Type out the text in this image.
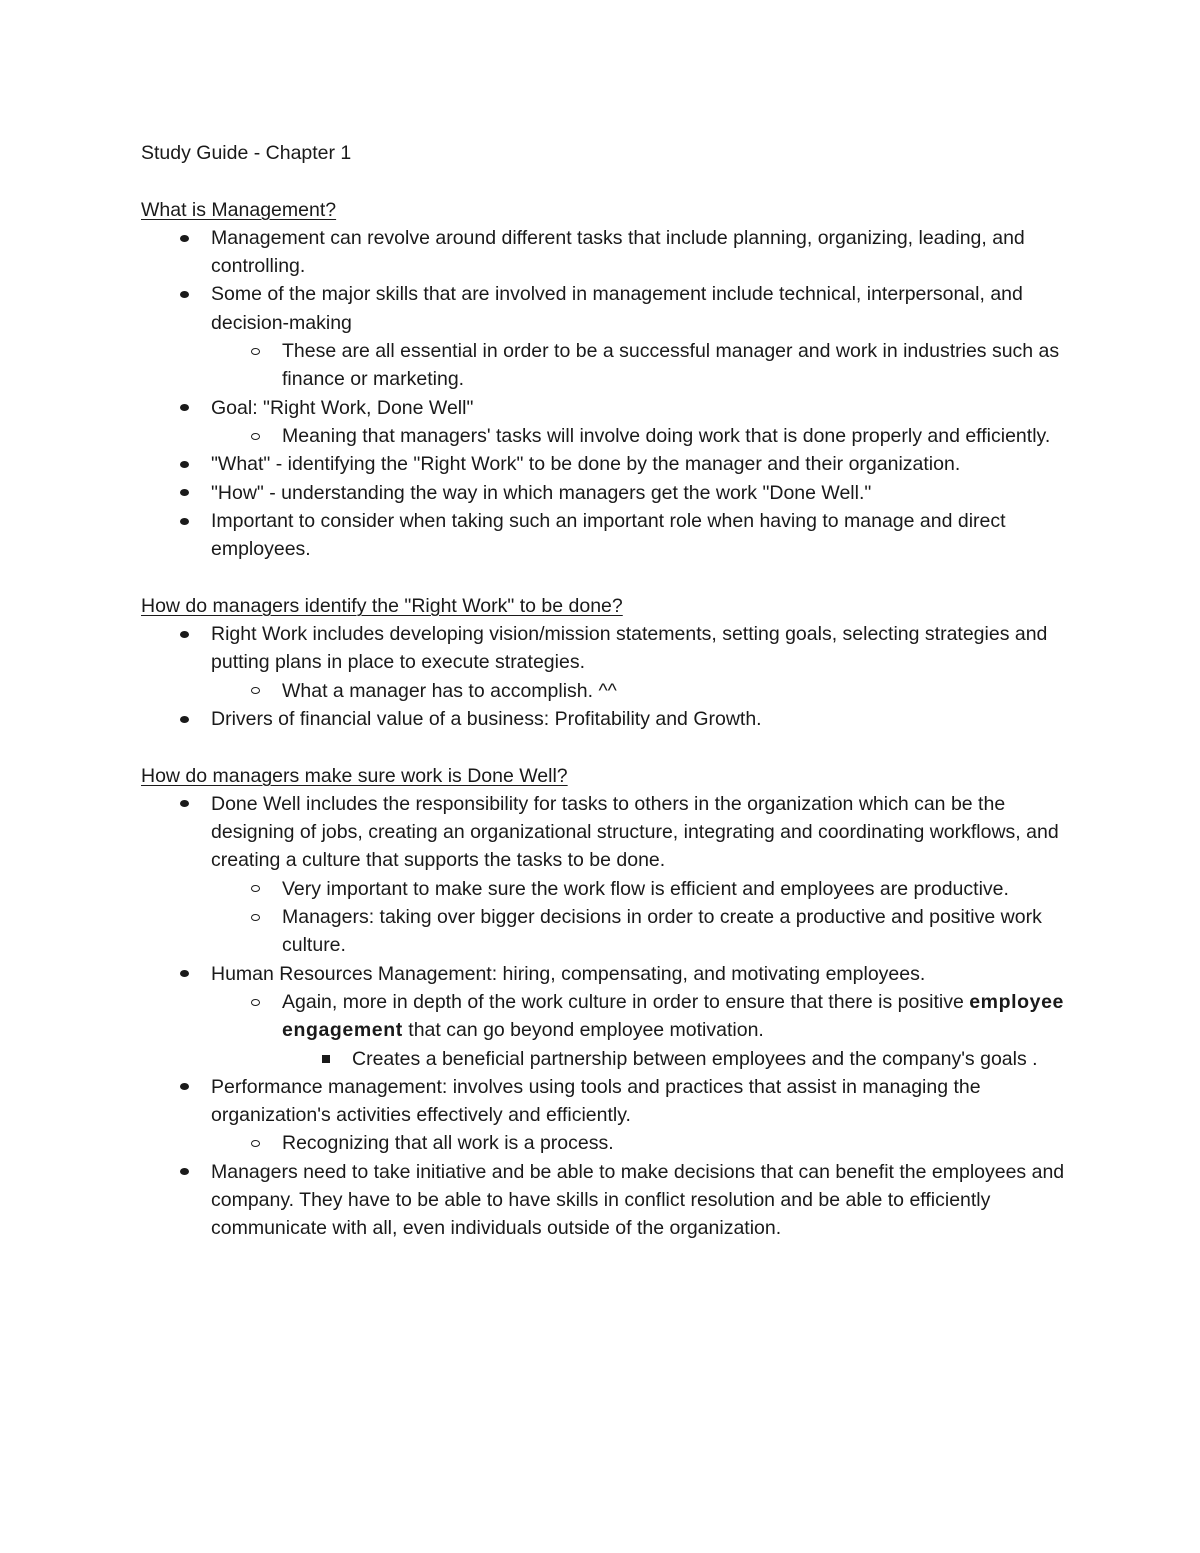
Study Guide - Chapter 1

What is Management?

Management can revolve around different tasks that include planning, organizing, leading, and controlling.
Some of the major skills that are involved in management include technical, interpersonal, and decision-making
These are all essential in order to be a successful manager and work in industries such as finance or marketing.
Goal: "Right Work, Done Well"
Meaning that managers' tasks will involve doing work that is done properly and efficiently.
"What" - identifying the "Right Work" to be done by the manager and their organization.
"How" - understanding the way in which managers get the work "Done Well."
Important to consider when taking such an important role when having to manage and direct employees.

How do managers identify the "Right Work" to be done?

Right Work includes developing vision/mission statements, setting goals, selecting strategies and putting plans in place to execute strategies.
What a manager has to accomplish. ^^
Drivers of financial value of a business: Profitability and Growth.

How do managers make sure work is Done Well?

Done Well includes the responsibility for tasks to others in the organization which can be the designing of jobs, creating an organizational structure, integrating and coordinating workflows, and creating a culture that supports the tasks to be done.
Very important to make sure the work flow is efficient and employees are productive.
Managers: taking over bigger decisions in order to create a productive and positive work culture.
Human Resources Management: hiring, compensating, and motivating employees.
Again, more in depth of the work culture in order to ensure that there is positive employee engagement that can go beyond employee motivation.
Creates a beneficial partnership between employees and the company's goals .
Performance management: involves using tools and practices that assist in managing the organization's activities effectively and efficiently.
Recognizing that all work is a process.
Managers need to take initiative and be able to make decisions that can benefit the employees and company. They have to be able to have skills in conflict resolution and be able to efficiently communicate with all, even individuals outside of the organization.
